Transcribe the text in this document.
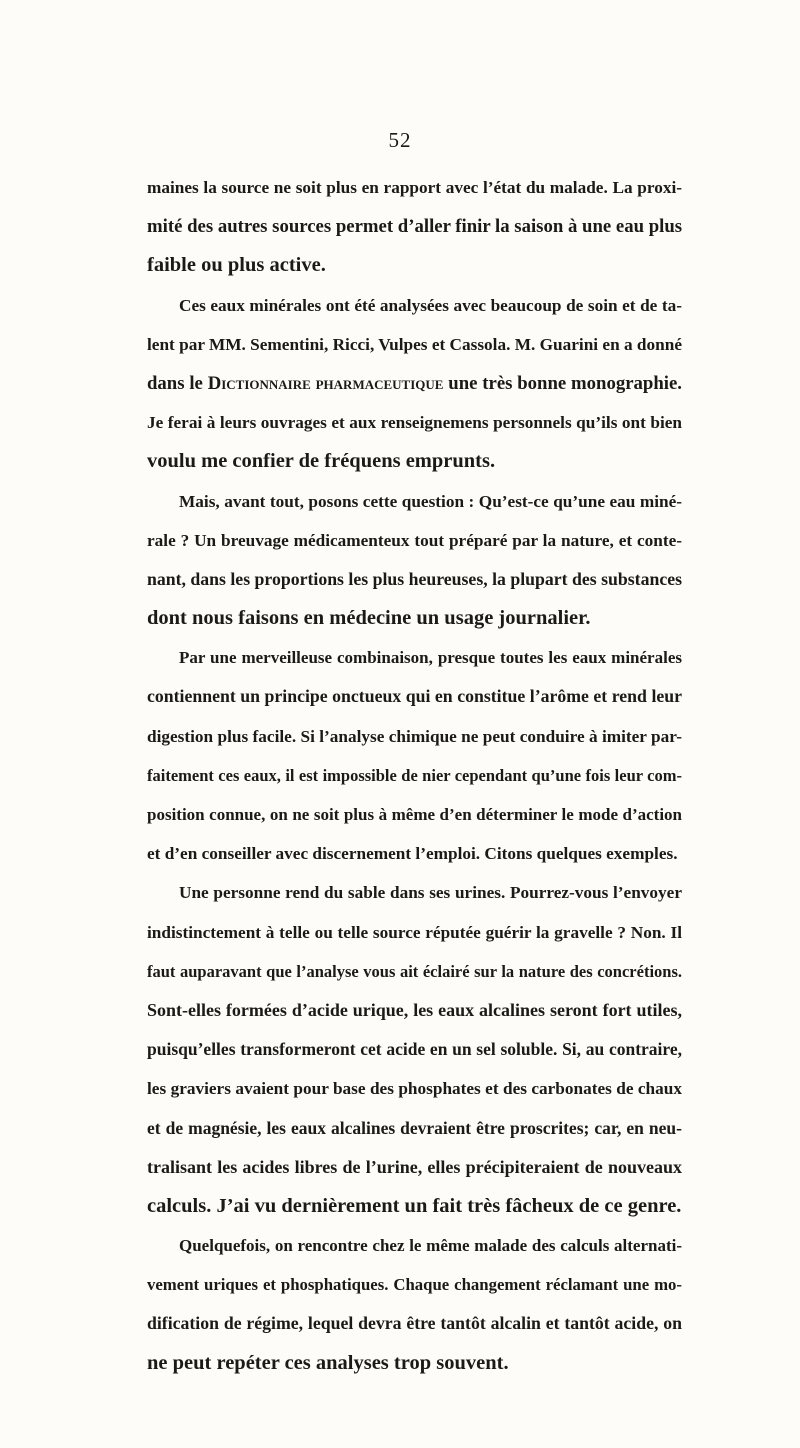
52
maines la source ne soit plus en rapport avec l’état du malade. La proxi-
mité des autres sources permet d’aller finir la saison à une eau plus
faible ou plus active.
Ces eaux minérales ont été analysées avec beaucoup de soin et de ta-
lent par MM. Sementini, Ricci, Vulpes et Cassola. M. Guarini en a donné
dans le Dictionnaire pharmaceutique une très bonne monographie.
Je ferai à leurs ouvrages et aux renseignemens personnels qu’ils ont bien
voulu me confier de fréquens emprunts.
Mais, avant tout, posons cette question : Qu’est-ce qu’une eau miné-
rale ? Un breuvage médicamenteux tout préparé par la nature, et conte-
nant, dans les proportions les plus heureuses, la plupart des substances
dont nous faisons en médecine un usage journalier.
Par une merveilleuse combinaison, presque toutes les eaux minérales
contiennent un principe onctueux qui en constitue l’arôme et rend leur
digestion plus facile. Si l’analyse chimique ne peut conduire à imiter par-
faitement ces eaux, il est impossible de nier cependant qu’une fois leur com-
position connue, on ne soit plus à même d’en déterminer le mode d’action
et d’en conseiller avec discernement l’emploi. Citons quelques exemples.
Une personne rend du sable dans ses urines. Pourrez-vous l’envoyer
indistinctement à telle ou telle source réputée guérir la gravelle ? Non. Il
faut auparavant que l’analyse vous ait éclairé sur la nature des concrétions.
Sont-elles formées d’acide urique, les eaux alcalines seront fort utiles,
puisqu’elles transformeront cet acide en un sel soluble. Si, au contraire,
les graviers avaient pour base des phosphates et des carbonates de chaux
et de magnésie, les eaux alcalines devraient être proscrites; car, en neu-
tralisant les acides libres de l’urine, elles précipiteraient de nouveaux
calculs. J’ai vu dernièrement un fait très fâcheux de ce genre.
Quelquefois, on rencontre chez le même malade des calculs alternati-
vement uriques et phosphatiques. Chaque changement réclamant une mo-
dification de régime, lequel devra être tantôt alcalin et tantôt acide, on
ne peut repéter ces analyses trop souvent.
